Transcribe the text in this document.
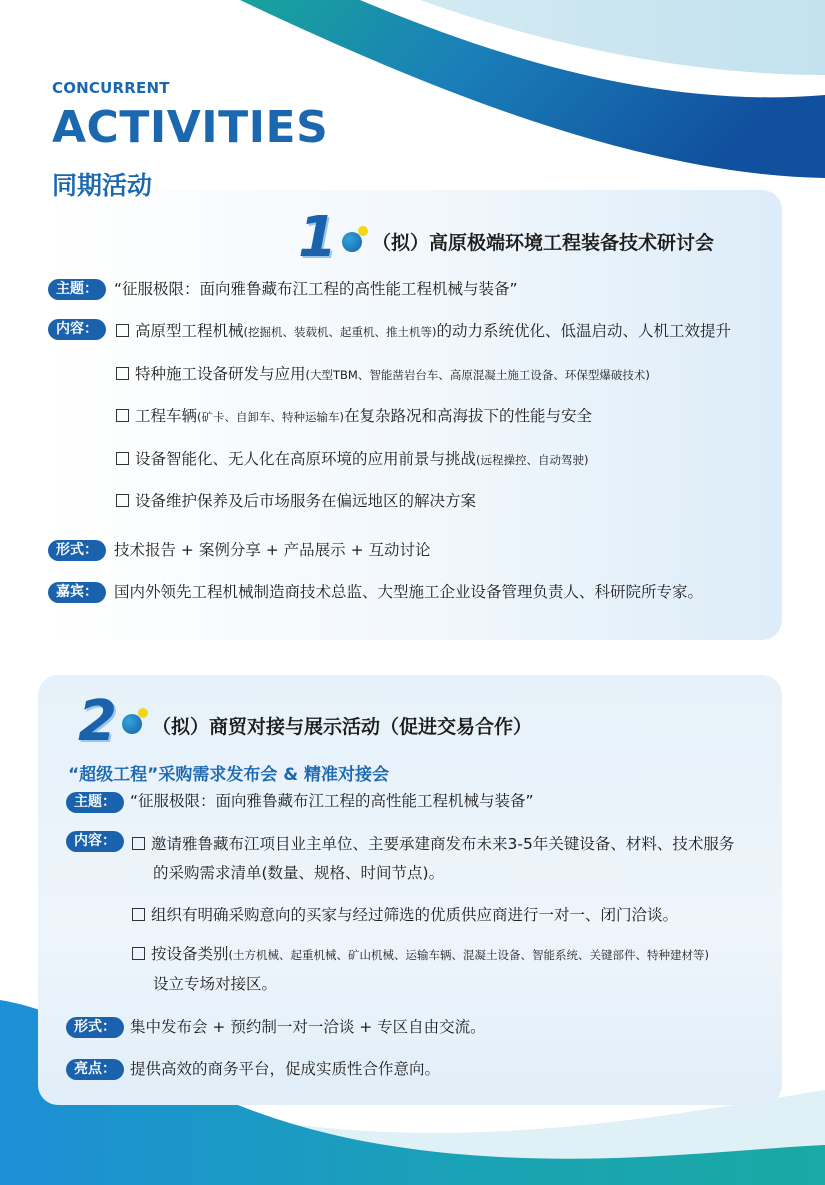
CONCURRENT
ACTIVITIES
同期活动
1 （拟）高原极端环境工程装备技术研讨会
主题：	“征服极限：面向雅鲁藏布江工程的高性能工程机械与装备”
内容：	高原型工程机械(挖掘机、装载机、起重机、推土机等)的动力系统优化、低温启动、人机工效提升
特种施工设备研发与应用(大型TBM、智能凿岩台车、高原混凝土施工设备、环保型爆破技术)
工程车辆(矿卡、自卸车、特种运输车)在复杂路况和高海拔下的性能与安全
设备智能化、无人化在高原环境的应用前景与挑战(远程操控、自动驾驶)
设备维护保养及后市场服务在偏远地区的解决方案
形式：	技术报告 + 案例分享 + 产品展示 + 互动讨论
嘉宾：	国内外领先工程机械制造商技术总监、大型施工企业设备管理负责人、科研院所专家。
2 （拟）商贸对接与展示活动（促进交易合作）
“超级工程”采购需求发布会 & 精准对接会
主题： “征服极限：面向雅鲁藏布江工程的高性能工程机械与装备”
内容：	邀请雅鲁藏布江项目业主单位、主要承建商发布未来3-5年关键设备、材料、技术服务
的采购需求清单(数量、规格、时间节点)。
组织有明确采购意向的买家与经过筛选的优质供应商进行一对一、闭门洽谈。
按设备类别(土方机械、起重机械、矿山机械、运输车辆、混凝土设备、智能系统、关键部件、特种建材等)
设立专场对接区。
形式： 集中发布会 + 预约制一对一洽谈 + 专区自由交流。
亮点： 提供高效的商务平台，促成实质性合作意向。
